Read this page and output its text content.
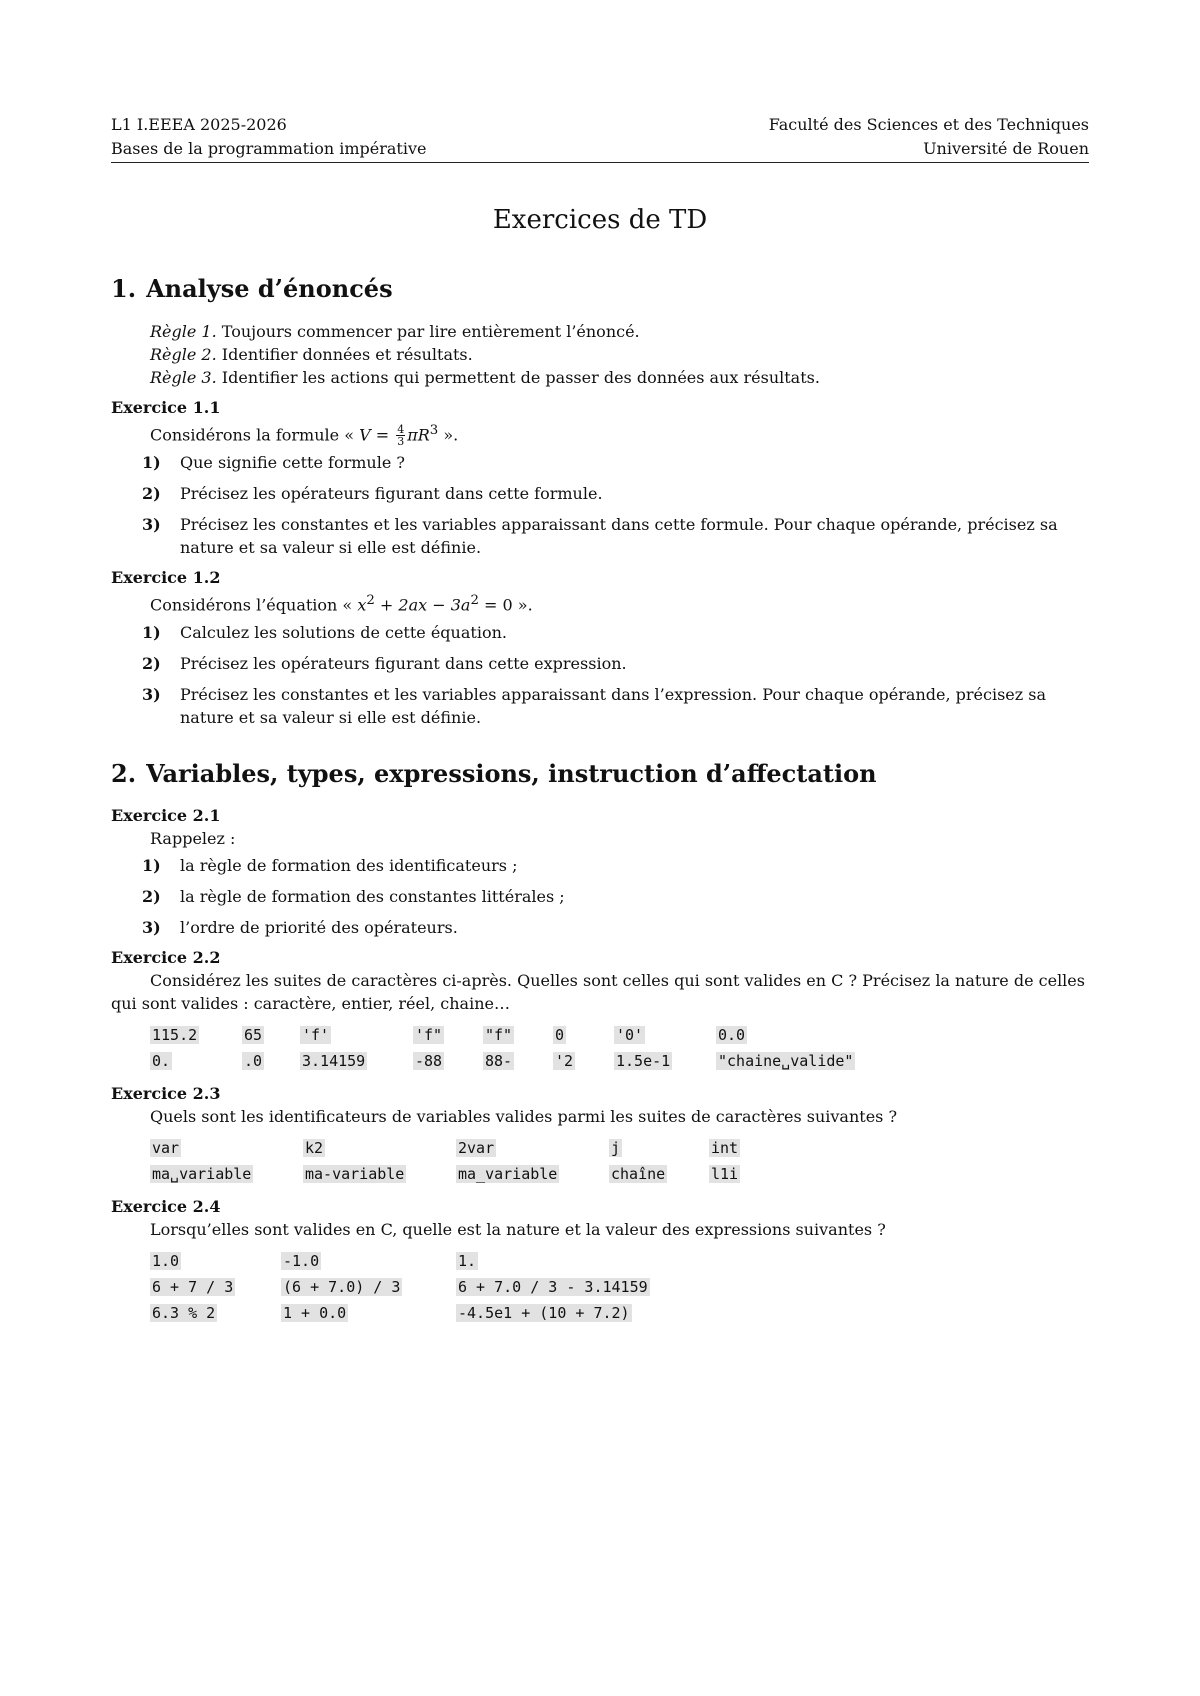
L1 I.EEEA 2025-2026	Faculté des Sciences et des Techniques
Bases de la programmation impérative	Université de Rouen
Exercices de TD
1. Analyse d’énoncés
Règle 1. Toujours commencer par lire entièrement l’énoncé.
Règle 2. Identifier données et résultats.
Règle 3. Identifier les actions qui permettent de passer des données aux résultats.
Exercice 1.1
Considérons la formule « $V = \frac{4}{3} \pi R^3$ ».
1) Que signifie cette formule ?
2) Précisez les opérateurs figurant dans cette formule.
3) Précisez les constantes et les variables apparaissant dans cette formule. Pour chaque opérande, précisez sa nature et sa valeur si elle est définie.
Exercice 1.2
Considérons l’équation « $x^2 + 2ax - 3a^2 = 0$ ».
1) Calculez les solutions de cette équation.
2) Précisez les opérateurs figurant dans cette expression.
3) Précisez les constantes et les variables apparaissant dans l’expression. Pour chaque opérande, précisez sa nature et sa valeur si elle est définie.
2. Variables, types, expressions, instruction d’affectation
Exercice 2.1
Rappelez :
1) la règle de formation des identificateurs ;
2) la règle de formation des constantes littérales ;
3) l’ordre de priorité des opérateurs.
Exercice 2.2
Considérez les suites de caractères ci-après. Quelles sont celles qui sont valides en C ? Précisez la nature de celles qui sont valides : caractère, entier, réel, chaine…
115.2	65	'f'	'f"	"f"	0	'0'	0.0
0.	.0	3.14159	-88	88-	'2	1.5e-1	"chaine␣valide"
Exercice 2.3
Quels sont les identificateurs de variables valides parmi les suites de caractères suivantes ?
var	k2	2var	j	int
ma␣variable	ma-variable	ma_variable	chaîne	l1i
Exercice 2.4
Lorsqu’elles sont valides en C, quelle est la nature et la valeur des expressions suivantes ?
1.0	-1.0	1.
6 + 7 / 3	(6 + 7.0) / 3	6 + 7.0 / 3 - 3.14159
6.3 % 2	1 + 0.0	-4.5e1 + (10 + 7.2)
